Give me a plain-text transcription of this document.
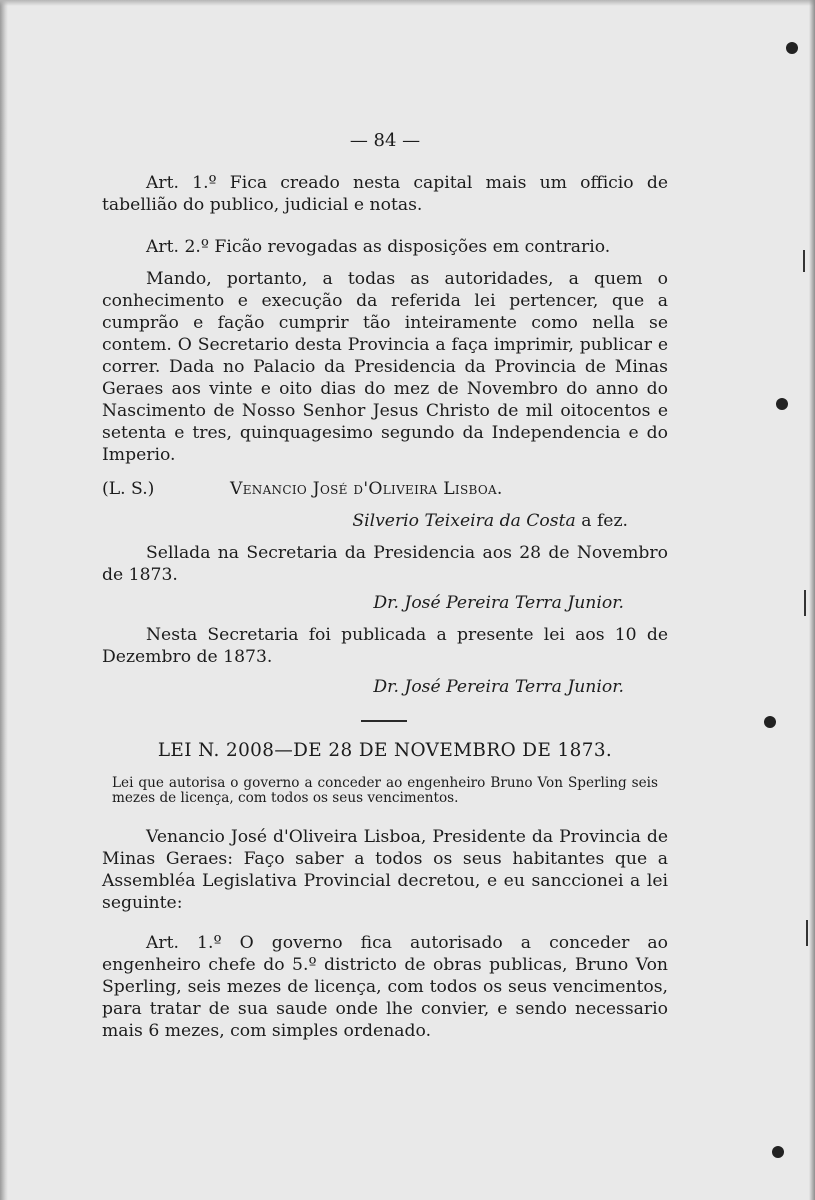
— 84 —

Art. 1.º Fica creado nesta capital mais um officio de tabellião do publico, judicial e notas.

Art. 2.º Ficão revogadas as disposições em contrario.

Mando, portanto, a todas as autoridades, a quem o conhecimento e execução da referida lei pertencer, que a cumprão e fação cumprir tão inteiramente como nella se contem. O Secretario desta Provincia a faça imprimir, publicar e correr. Dada no Palacio da Presidencia da Provincia de Minas Geraes aos vinte e oito dias do mez de Novembro do anno do Nascimento de Nosso Senhor Jesus Christo de mil oitocentos e setenta e tres, quinquagesimo segundo da Independencia e do Imperio.

(L. S.)	Venancio José d'Oliveira Lisboa.

Silverio Teixeira da Costa a fez.

Sellada na Secretaria da Presidencia aos 28 de Novembro de 1873.

Dr. José Pereira Terra Junior.

Nesta Secretaria foi publicada a presente lei aos 10 de Dezembro de 1873.

Dr. José Pereira Terra Junior.

LEI N. 2008—DE 28 DE NOVEMBRO DE 1873.

Lei que autorisa o governo a conceder ao engenheiro Bruno Von Sperling seis mezes de licença, com todos os seus vencimentos.

Venancio José d'Oliveira Lisboa, Presidente da Provincia de Minas Geraes: Faço saber a todos os seus habitantes que a Assembléa Legislativa Provincial decretou, e eu sanccionei a lei seguinte:

Art. 1.º O governo fica autorisado a conceder ao engenheiro chefe do 5.º districto de obras publicas, Bruno Von Sperling, seis mezes de licença, com todos os seus vencimentos, para tratar de sua saude onde lhe convier, e sendo necessario mais 6 mezes, com simples ordenado.
